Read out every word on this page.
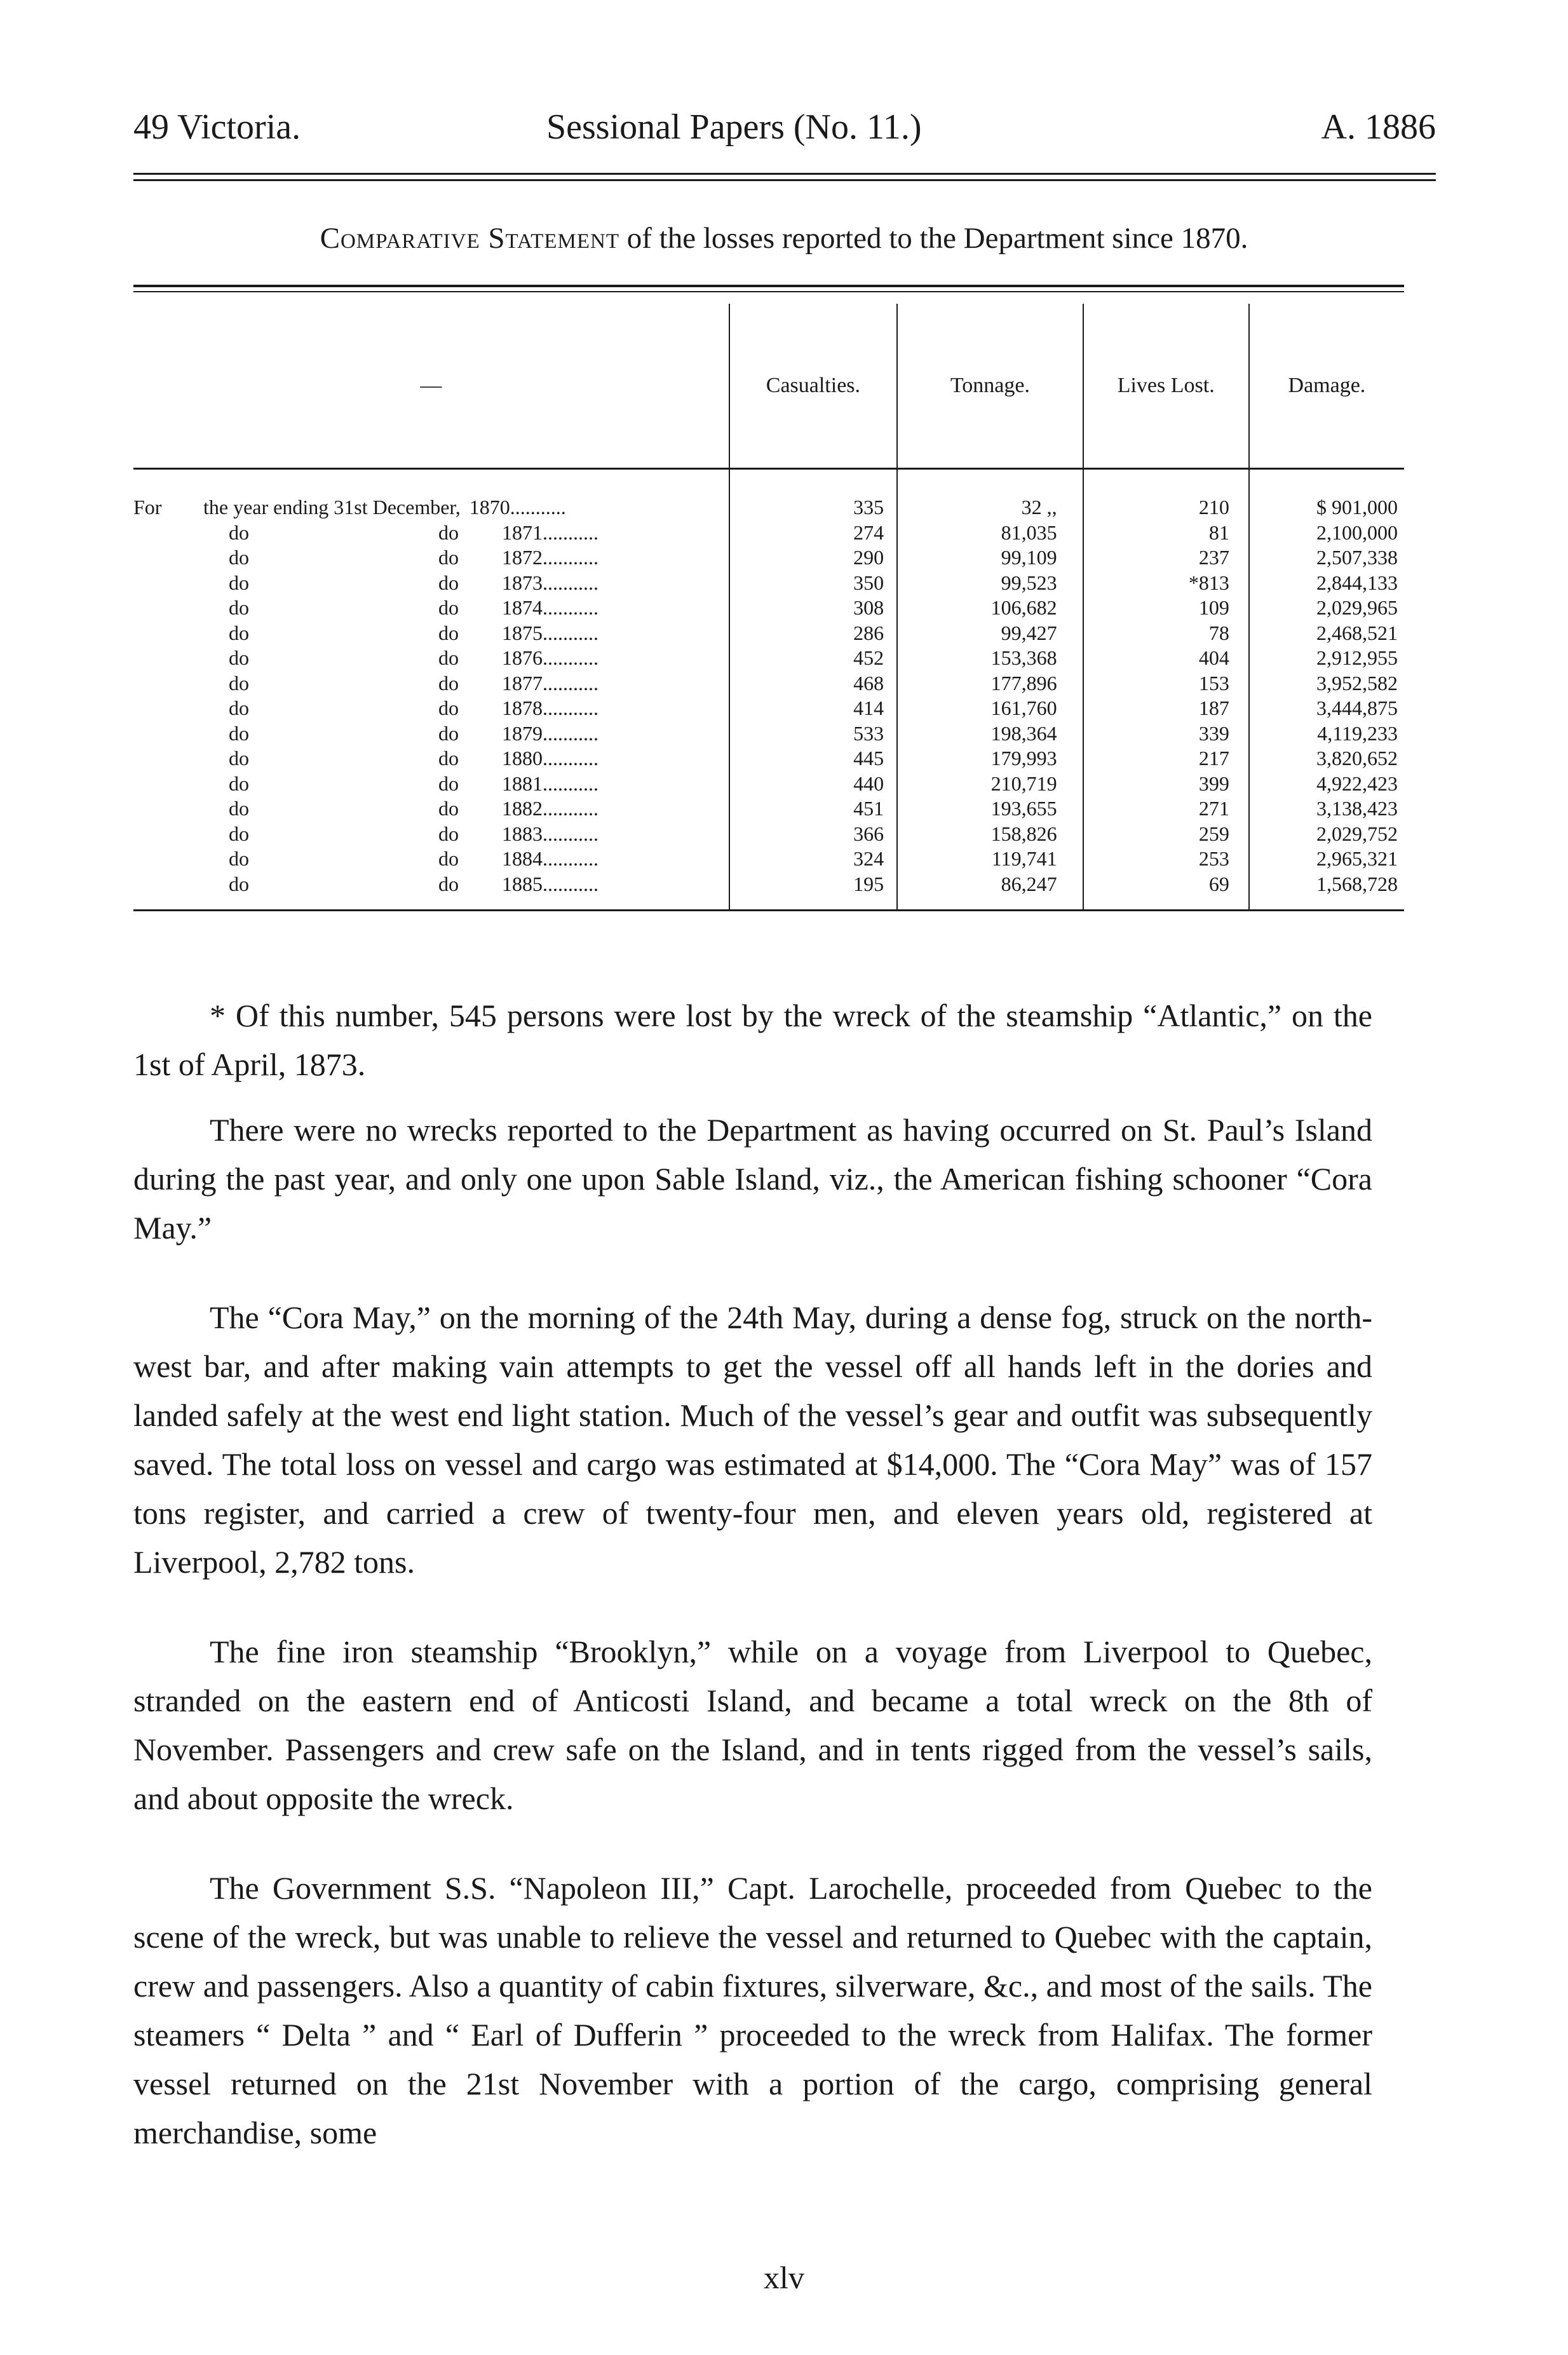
49 Victoria.	Sessional Papers (No. 11.)	A. 1886
Comparative Statement of the losses reported to the Department since 1870.
—	Casualties.	Tonnage.	Lives Lost.	Damage.
For the year ending 31st December, 1870...........	335	32 ,,	210	$ 901,000
do do 1871...........	274	81,035	81	2,100,000
do do 1872...........	290	99,109	237	2,507,338
do do 1873...........	350	99,523	*813	2,844,133
do do 1874...........	308	106,682	109	2,029,965
do do 1875...........	286	99,427	78	2,468,521
do do 1876...........	452	153,368	404	2,912,955
do do 1877...........	468	177,896	153	3,952,582
do do 1878...........	414	161,760	187	3,444,875
do do 1879...........	533	198,364	339	4,119,233
do do 1880...........	445	179,993	217	3,820,652
do do 1881...........	440	210,719	399	4,922,423
do do 1882...........	451	193,655	271	3,138,423
do do 1883...........	366	158,826	259	2,029,752
do do 1884...........	324	119,741	253	2,965,321
do do 1885...........	195	86,247	69	1,568,728
* Of this number, 545 persons were lost by the wreck of the steamship “Atlantic,” on the 1st of April, 1873.

There were no wrecks reported to the Department as having occurred on St. Paul’s Island during the past year, and only one upon Sable Island, viz., the American fishing schooner “Cora May.”

The “Cora May,” on the morning of the 24th May, during a dense fog, struck on the north-west bar, and after making vain attempts to get the vessel off all hands left in the dories and landed safely at the west end light station. Much of the vessel’s gear and outfit was subsequently saved. The total loss on vessel and cargo was estimated at $14,000. The “Cora May” was of 157 tons register, and carried a crew of twenty-four men, and eleven years old, registered at Liverpool, 2,782 tons.

The fine iron steamship “Brooklyn,” while on a voyage from Liverpool to Quebec, stranded on the eastern end of Anticosti Island, and became a total wreck on the 8th of November. Passengers and crew safe on the Island, and in tents rigged from the vessel’s sails, and about opposite the wreck.

The Government S.S. “Napoleon III,” Capt. Larochelle, proceeded from Quebec to the scene of the wreck, but was unable to relieve the vessel and returned to Quebec with the captain, crew and passengers. Also a quantity of cabin fixtures, silverware, &c., and most of the sails. The steamers “ Delta ” and “ Earl of Dufferin ” proceeded to the wreck from Halifax. The former vessel returned on the 21st November with a portion of the cargo, comprising general merchandise, some

xlv
